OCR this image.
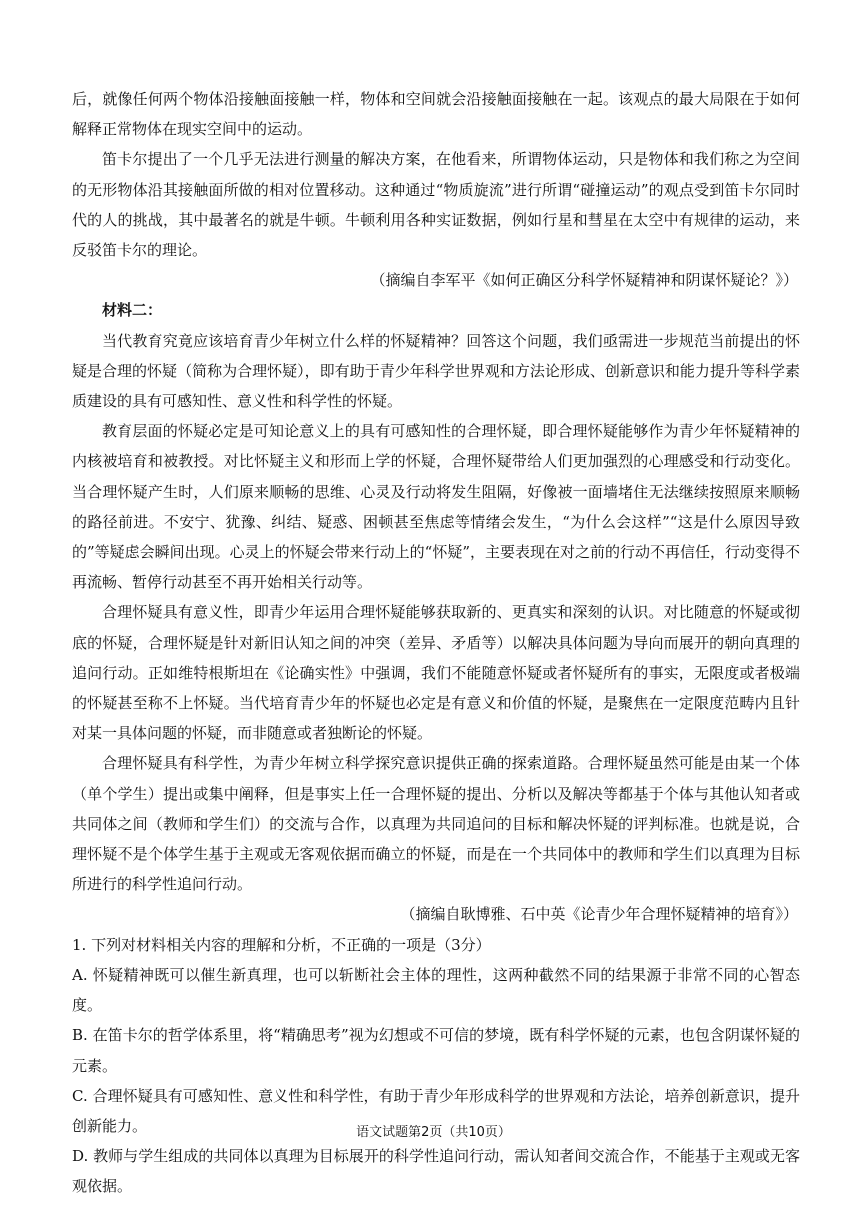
后，就像任何两个物体沿接触面接触一样，物体和空间就会沿接触面接触在一起。该观点的最大局限在于如何解释正常物体在现实空间中的运动。

笛卡尔提出了一个几乎无法进行测量的解决方案，在他看来，所谓物体运动，只是物体和我们称之为空间的无形物体沿其接触面所做的相对位置移动。这种通过“物质旋流”进行所谓“碰撞运动”的观点受到笛卡尔同时代的人的挑战，其中最著名的就是牛顿。牛顿利用各种实证数据，例如行星和彗星在太空中有规律的运动，来反驳笛卡尔的理论。

（摘编自李军平《如何正确区分科学怀疑精神和阴谋怀疑论？》）

材料二：

当代教育究竟应该培育青少年树立什么样的怀疑精神？回答这个问题，我们亟需进一步规范当前提出的怀疑是合理的怀疑（简称为合理怀疑），即有助于青少年科学世界观和方法论形成、创新意识和能力提升等科学素质建设的具有可感知性、意义性和科学性的怀疑。

教育层面的怀疑必定是可知论意义上的具有可感知性的合理怀疑，即合理怀疑能够作为青少年怀疑精神的内核被培育和被教授。对比怀疑主义和形而上学的怀疑，合理怀疑带给人们更加强烈的心理感受和行动变化。当合理怀疑产生时，人们原来顺畅的思维、心灵及行动将发生阻隔，好像被一面墙堵住无法继续按照原来顺畅的路径前进。不安宁、犹豫、纠结、疑惑、困顿甚至焦虑等情绪会发生，“为什么会这样”“这是什么原因导致的”等疑虑会瞬间出现。心灵上的怀疑会带来行动上的“怀疑”，主要表现在对之前的行动不再信任，行动变得不再流畅、暂停行动甚至不再开始相关行动等。

合理怀疑具有意义性，即青少年运用合理怀疑能够获取新的、更真实和深刻的认识。对比随意的怀疑或彻底的怀疑，合理怀疑是针对新旧认知之间的冲突（差异、矛盾等）以解决具体问题为导向而展开的朝向真理的追问行动。正如维特根斯坦在《论确实性》中强调，我们不能随意怀疑或者怀疑所有的事实，无限度或者极端的怀疑甚至称不上怀疑。当代培育青少年的怀疑也必定是有意义和价值的怀疑，是聚焦在一定限度范畴内且针对某一具体问题的怀疑，而非随意或者独断论的怀疑。

合理怀疑具有科学性，为青少年树立科学探究意识提供正确的探索道路。合理怀疑虽然可能是由某一个体（单个学生）提出或集中阐释，但是事实上任一合理怀疑的提出、分析以及解决等都基于个体与其他认知者或共同体之间（教师和学生们）的交流与合作，以真理为共同追问的目标和解决怀疑的评判标准。也就是说，合理怀疑不是个体学生基于主观或无客观依据而确立的怀疑，而是在一个共同体中的教师和学生们以真理为目标所进行的科学性追问行动。

（摘编自耿博雅、石中英《论青少年合理怀疑精神的培育》）

1. 下列对材料相关内容的理解和分析，不正确的一项是（3分）

A. 怀疑精神既可以催生新真理，也可以斩断社会主体的理性，这两种截然不同的结果源于非常不同的心智态度。

B. 在笛卡尔的哲学体系里，将“精确思考”视为幻想或不可信的梦境，既有科学怀疑的元素，也包含阴谋怀疑的元素。

C. 合理怀疑具有可感知性、意义性和科学性，有助于青少年形成科学的世界观和方法论，培养创新意识，提升创新能力。

D. 教师与学生组成的共同体以真理为目标展开的科学性追问行动，需认知者间交流合作，不能基于主观或无客观依据。

语文试题第2页（共10页）
